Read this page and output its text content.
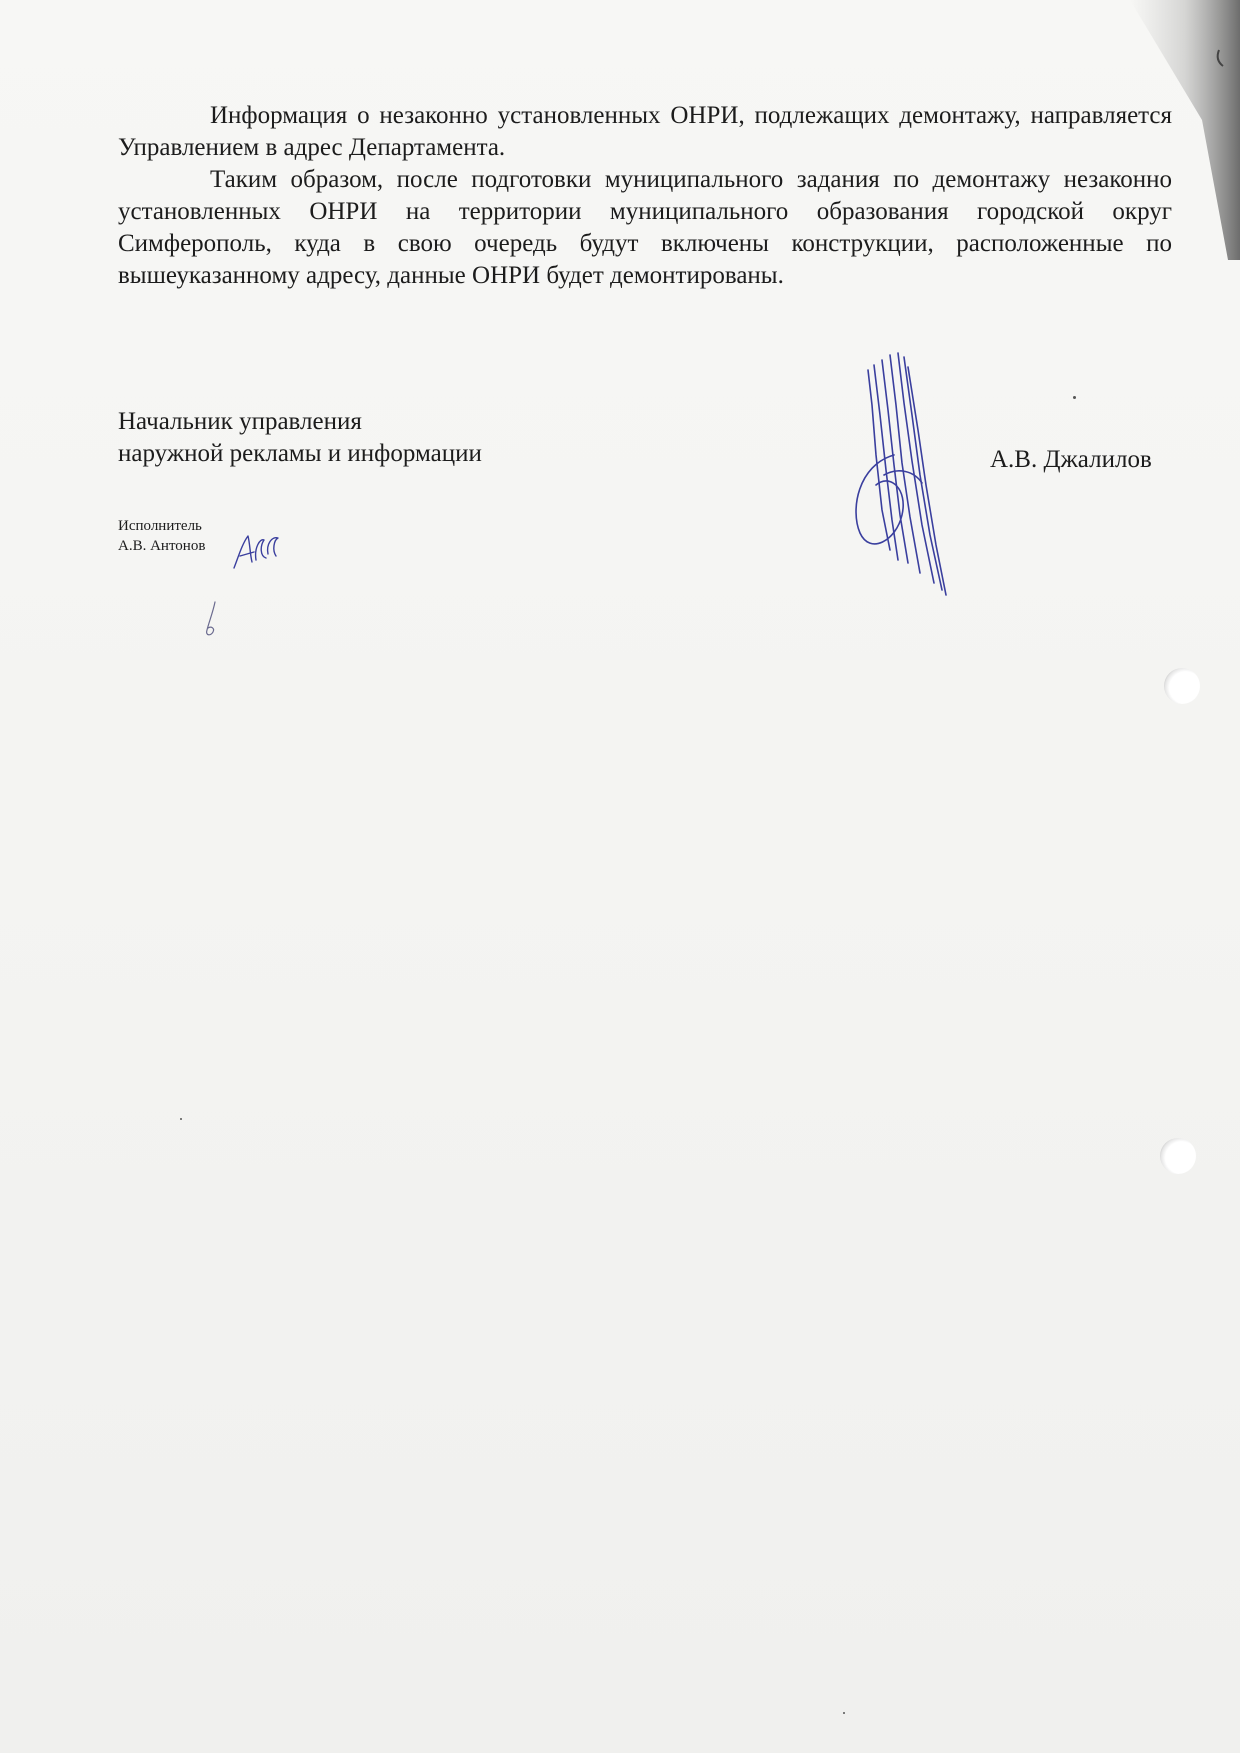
Информация о незаконно установленных ОНРИ, подлежащих демонтажу, направляется Управлением в адрес Департамента.

Таким образом, после подготовки муниципального задания по демонтажу незаконно установленных ОНРИ на территории муниципального образования городской округ Симферополь, куда в свою очередь будут включены конструкции, расположенные по вышеуказанному адресу, данные ОНРИ будет демонтированы.

Начальник управления
наружной рекламы и информации	А.В. Джалилов
Исполнитель
А.В. Антонов
